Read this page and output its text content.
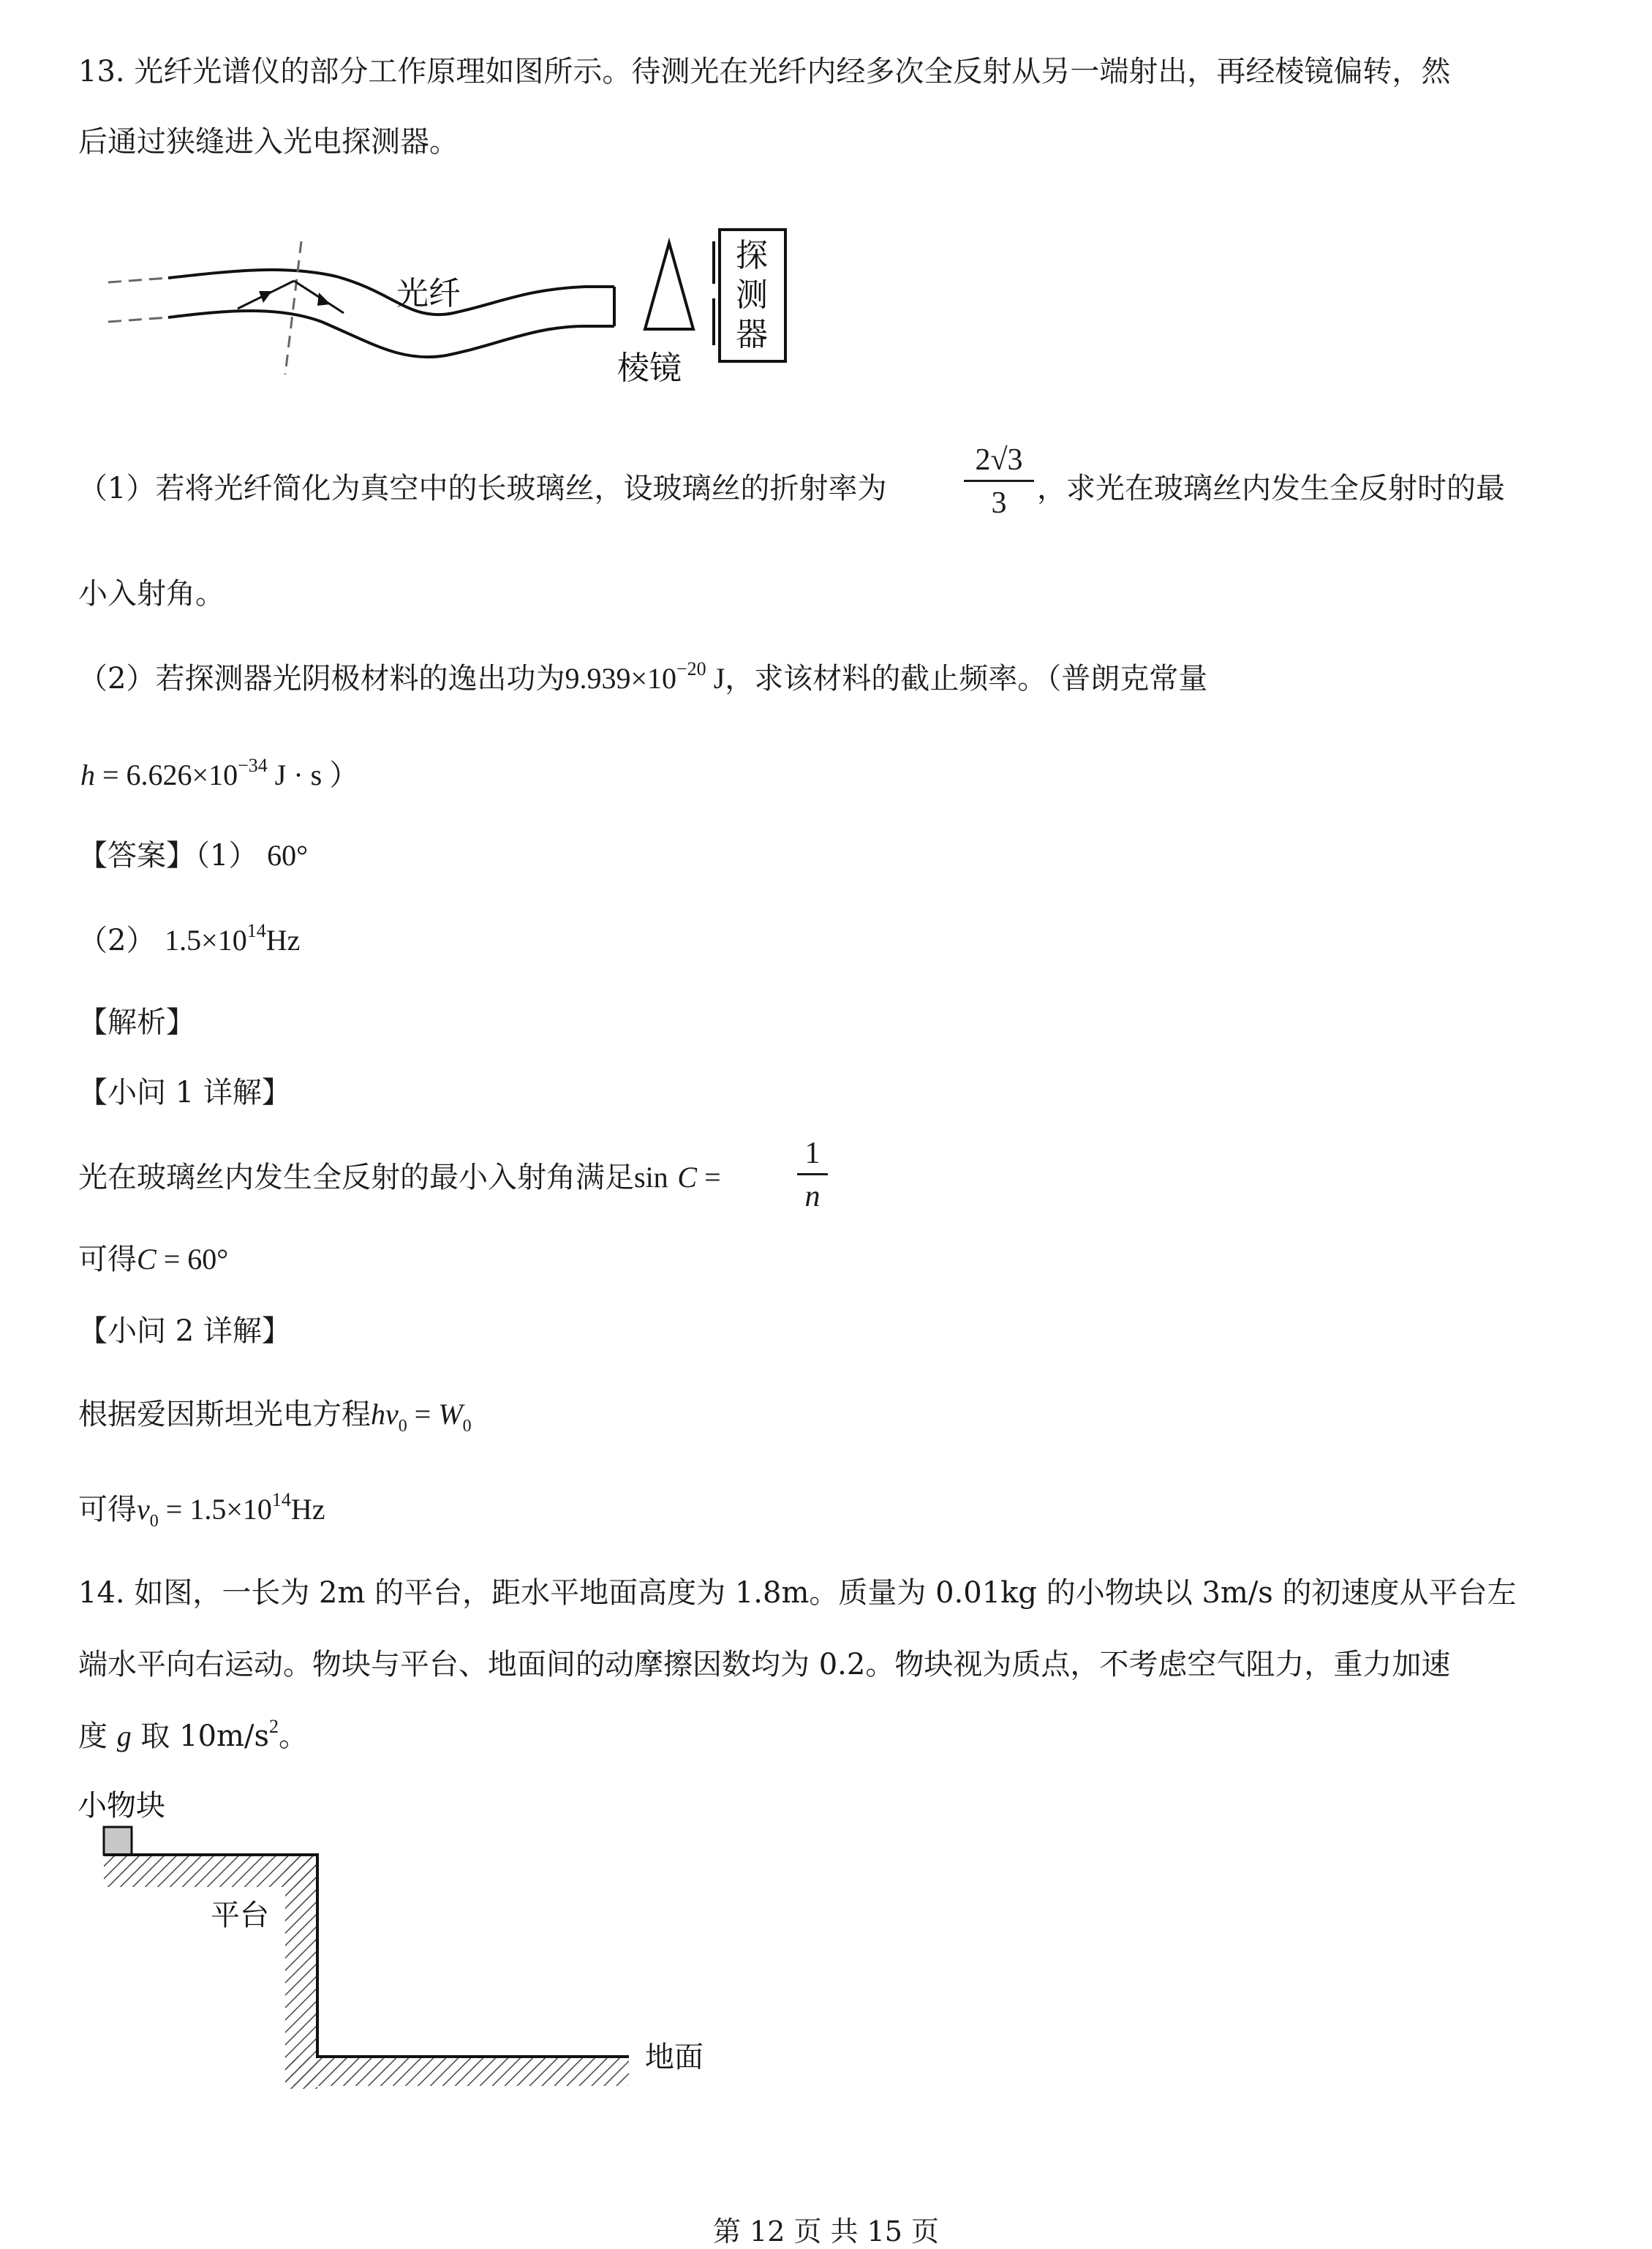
13. 光纤光谱仪的部分工作原理如图所示。待测光在光纤内经多次全反射从另一端射出，再经棱镜偏转，然
后通过狭缝进入光电探测器。
光纤
棱镜
探
测
器
（1）若将光纤简化为真空中的长玻璃丝，设玻璃丝的折射率为
2√3
3	，求光在玻璃丝内发生全反射时的最
小入射角。
（2）若探测器光阴极材料的逸出功为$9.939\times 10^{-20}$ J，求该材料的截止频率。（普朗克常量
$h = 6.626\times 10^{-34}$ J · s ）
【答案】（1） 60°
（2） $1.5\times 10^{14}Hz$
【解析】
【小问 1 详解】
光在玻璃丝内发生全反射的最小入射角满足sin C =
1
n
可得C = 60°
【小问 2 详解】
根据爱因斯坦光电方程$h\nu_0 = W_0$
可得$\nu_0 = 1.5\times 10^{14}Hz$
14. 如图，一长为 2m 的平台，距水平地面高度为 1.8m。质量为 0.01kg 的小物块以 3m/s 的初速度从平台左
端水平向右运动。物块与平台、地面间的动摩擦因数均为 0.2。物块视为质点，不考虑空气阻力，重力加速
度 g 取 $10m/s^2$。
小物块
平台
地面
第 12 页 共 15 页
